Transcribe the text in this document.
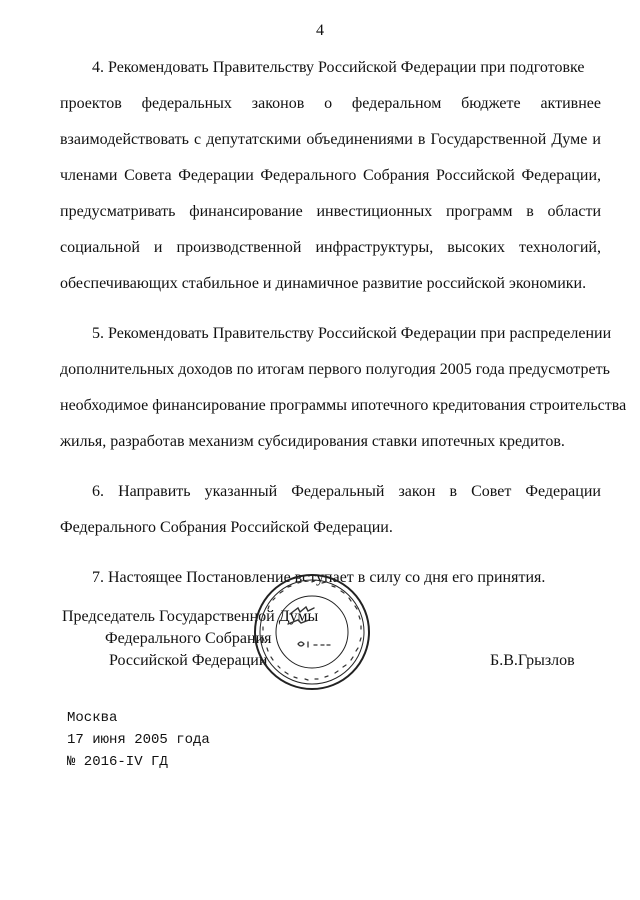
4
4. Рекомендовать Правительству Российской Федерации при подготовке
проектов федеральных законов о федеральном бюджете активнее
взаимодействовать с депутатскими объединениями в Государственной Думе и
членами Совета Федерации Федерального Собрания Российской Федерации,
предусматривать финансирование инвестиционных программ в области
социальной и производственной инфраструктуры, высоких технологий,
обеспечивающих стабильное и динамичное развитие российской экономики.
5. Рекомендовать Правительству Российской Федерации при распределении
дополнительных доходов по итогам первого полугодия 2005 года предусмотреть
необходимое финансирование программы ипотечного кредитования строительства
жилья, разработав механизм субсидирования ставки ипотечных кредитов.
6. Направить указанный Федеральный закон в Совет Федерации
Федерального Собрания Российской Федерации.
7. Настоящее Постановление вступает в силу со дня его принятия.
Председатель Государственной Думы
Федерального Собрания
Российской Федерации	Б.В.Грызлов
Москва
17 июня 2005 года
№ 2016-IV ГД
